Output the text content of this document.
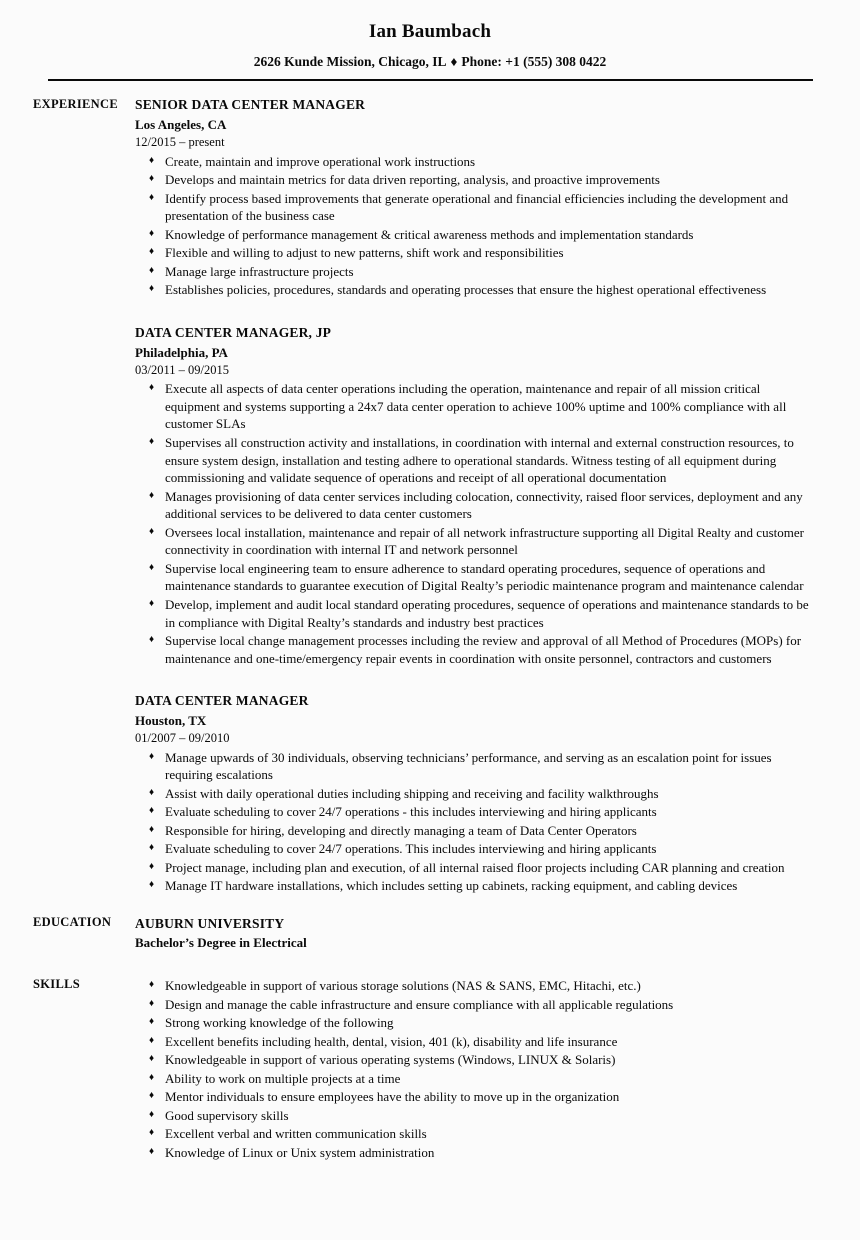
Ian Baumbach
2626 Kunde Mission, Chicago, IL ♦ Phone: +1 (555) 308 0422
EXPERIENCE	SENIOR DATA CENTER MANAGER
Los Angeles, CA
12/2015 – present
♦ Create, maintain and improve operational work instructions
♦ Develops and maintain metrics for data driven reporting, analysis, and proactive improvements
♦ Identify process based improvements that generate operational and financial efficiencies including the development and presentation of the business case
♦ Knowledge of performance management & critical awareness methods and implementation standards
♦ Flexible and willing to adjust to new patterns, shift work and responsibilities
♦ Manage large infrastructure projects
♦ Establishes policies, procedures, standards and operating processes that ensure the highest operational effectiveness
DATA CENTER MANAGER, JP
Philadelphia, PA
03/2011 – 09/2015
♦ Execute all aspects of data center operations including the operation, maintenance and repair of all mission critical equipment and systems supporting a 24x7 data center operation to achieve 100% uptime and 100% compliance with all customer SLAs
♦ Supervises all construction activity and installations, in coordination with internal and external construction resources, to ensure system design, installation and testing adhere to operational standards. Witness testing of all equipment during commissioning and validate sequence of operations and receipt of all operational documentation
♦ Manages provisioning of data center services including colocation, connectivity, raised floor services, deployment and any additional services to be delivered to data center customers
♦ Oversees local installation, maintenance and repair of all network infrastructure supporting all Digital Realty and customer connectivity in coordination with internal IT and network personnel
♦ Supervise local engineering team to ensure adherence to standard operating procedures, sequence of operations and maintenance standards to guarantee execution of Digital Realty’s periodic maintenance program and maintenance calendar
♦ Develop, implement and audit local standard operating procedures, sequence of operations and maintenance standards to be in compliance with Digital Realty’s standards and industry best practices
♦ Supervise local change management processes including the review and approval of all Method of Procedures (MOPs) for maintenance and one-time/emergency repair events in coordination with onsite personnel, contractors and customers
DATA CENTER MANAGER
Houston, TX
01/2007 – 09/2010
♦ Manage upwards of 30 individuals, observing technicians’ performance, and serving as an escalation point for issues requiring escalations
♦ Assist with daily operational duties including shipping and receiving and facility walkthroughs
♦ Evaluate scheduling to cover 24/7 operations - this includes interviewing and hiring applicants
♦ Responsible for hiring, developing and directly managing a team of Data Center Operators
♦ Evaluate scheduling to cover 24/7 operations. This includes interviewing and hiring applicants
♦ Project manage, including plan and execution, of all internal raised floor projects including CAR planning and creation
♦ Manage IT hardware installations, which includes setting up cabinets, racking equipment, and cabling devices
EDUCATION	AUBURN UNIVERSITY
Bachelor’s Degree in Electrical
SKILLS	♦ Knowledgeable in support of various storage solutions (NAS & SANS, EMC, Hitachi, etc.)
♦ Design and manage the cable infrastructure and ensure compliance with all applicable regulations
♦ Strong working knowledge of the following
♦ Excellent benefits including health, dental, vision, 401 (k), disability and life insurance
♦ Knowledgeable in support of various operating systems (Windows, LINUX & Solaris)
♦ Ability to work on multiple projects at a time
♦ Mentor individuals to ensure employees have the ability to move up in the organization
♦ Good supervisory skills
♦ Excellent verbal and written communication skills
♦ Knowledge of Linux or Unix system administration
